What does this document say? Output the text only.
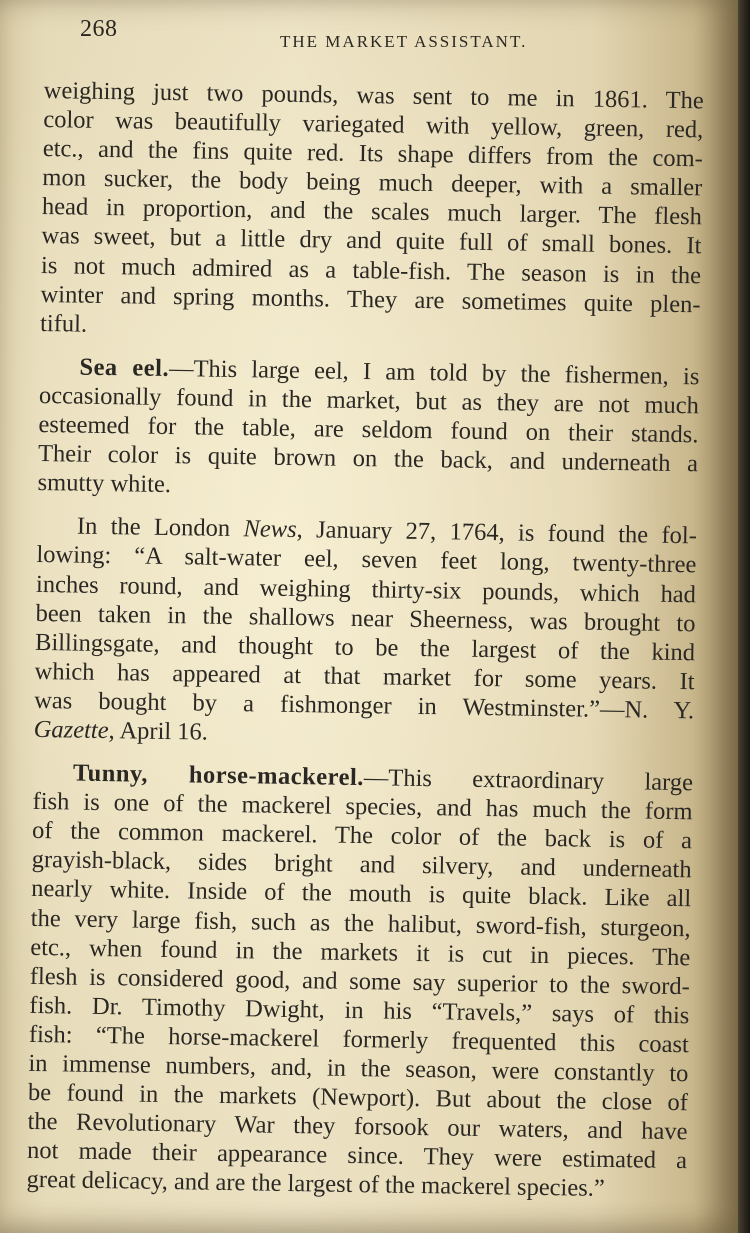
268	THE MARKET ASSISTANT.
weighing just two pounds, was sent to me in 1861. The
color was beautifully variegated with yellow, green, red,
etc., and the fins quite red. Its shape differs from the com-
mon sucker, the body being much deeper, with a smaller
head in proportion, and the scales much larger. The flesh
was sweet, but a little dry and quite full of small bones. It
is not much admired as a table-fish. The season is in the
winter and spring months. They are sometimes quite plen-
tiful.
Sea eel.—This large eel, I am told by the fishermen, is
occasionally found in the market, but as they are not much
esteemed for the table, are seldom found on their stands.
Their color is quite brown on the back, and underneath a
smutty white.
In the London News, January 27, 1764, is found the fol-
lowing: “A salt-water eel, seven feet long, twenty-three
inches round, and weighing thirty-six pounds, which had
been taken in the shallows near Sheerness, was brought to
Billingsgate, and thought to be the largest of the kind
which has appeared at that market for some years. It
was bought by a fishmonger in Westminster.”—N. Y.
Gazette, April 16.
Tunny, horse-mackerel.—This extraordinary large
fish is one of the mackerel species, and has much the form
of the common mackerel. The color of the back is of a
grayish-black, sides bright and silvery, and underneath
nearly white. Inside of the mouth is quite black. Like all
the very large fish, such as the halibut, sword-fish, sturgeon,
etc., when found in the markets it is cut in pieces. The
flesh is considered good, and some say superior to the sword-
fish. Dr. Timothy Dwight, in his “Travels,” says of this
fish: “The horse-mackerel formerly frequented this coast
in immense numbers, and, in the season, were constantly to
be found in the markets (Newport). But about the close of
the Revolutionary War they forsook our waters, and have
not made their appearance since. They were estimated a
great delicacy, and are the largest of the mackerel species.”
